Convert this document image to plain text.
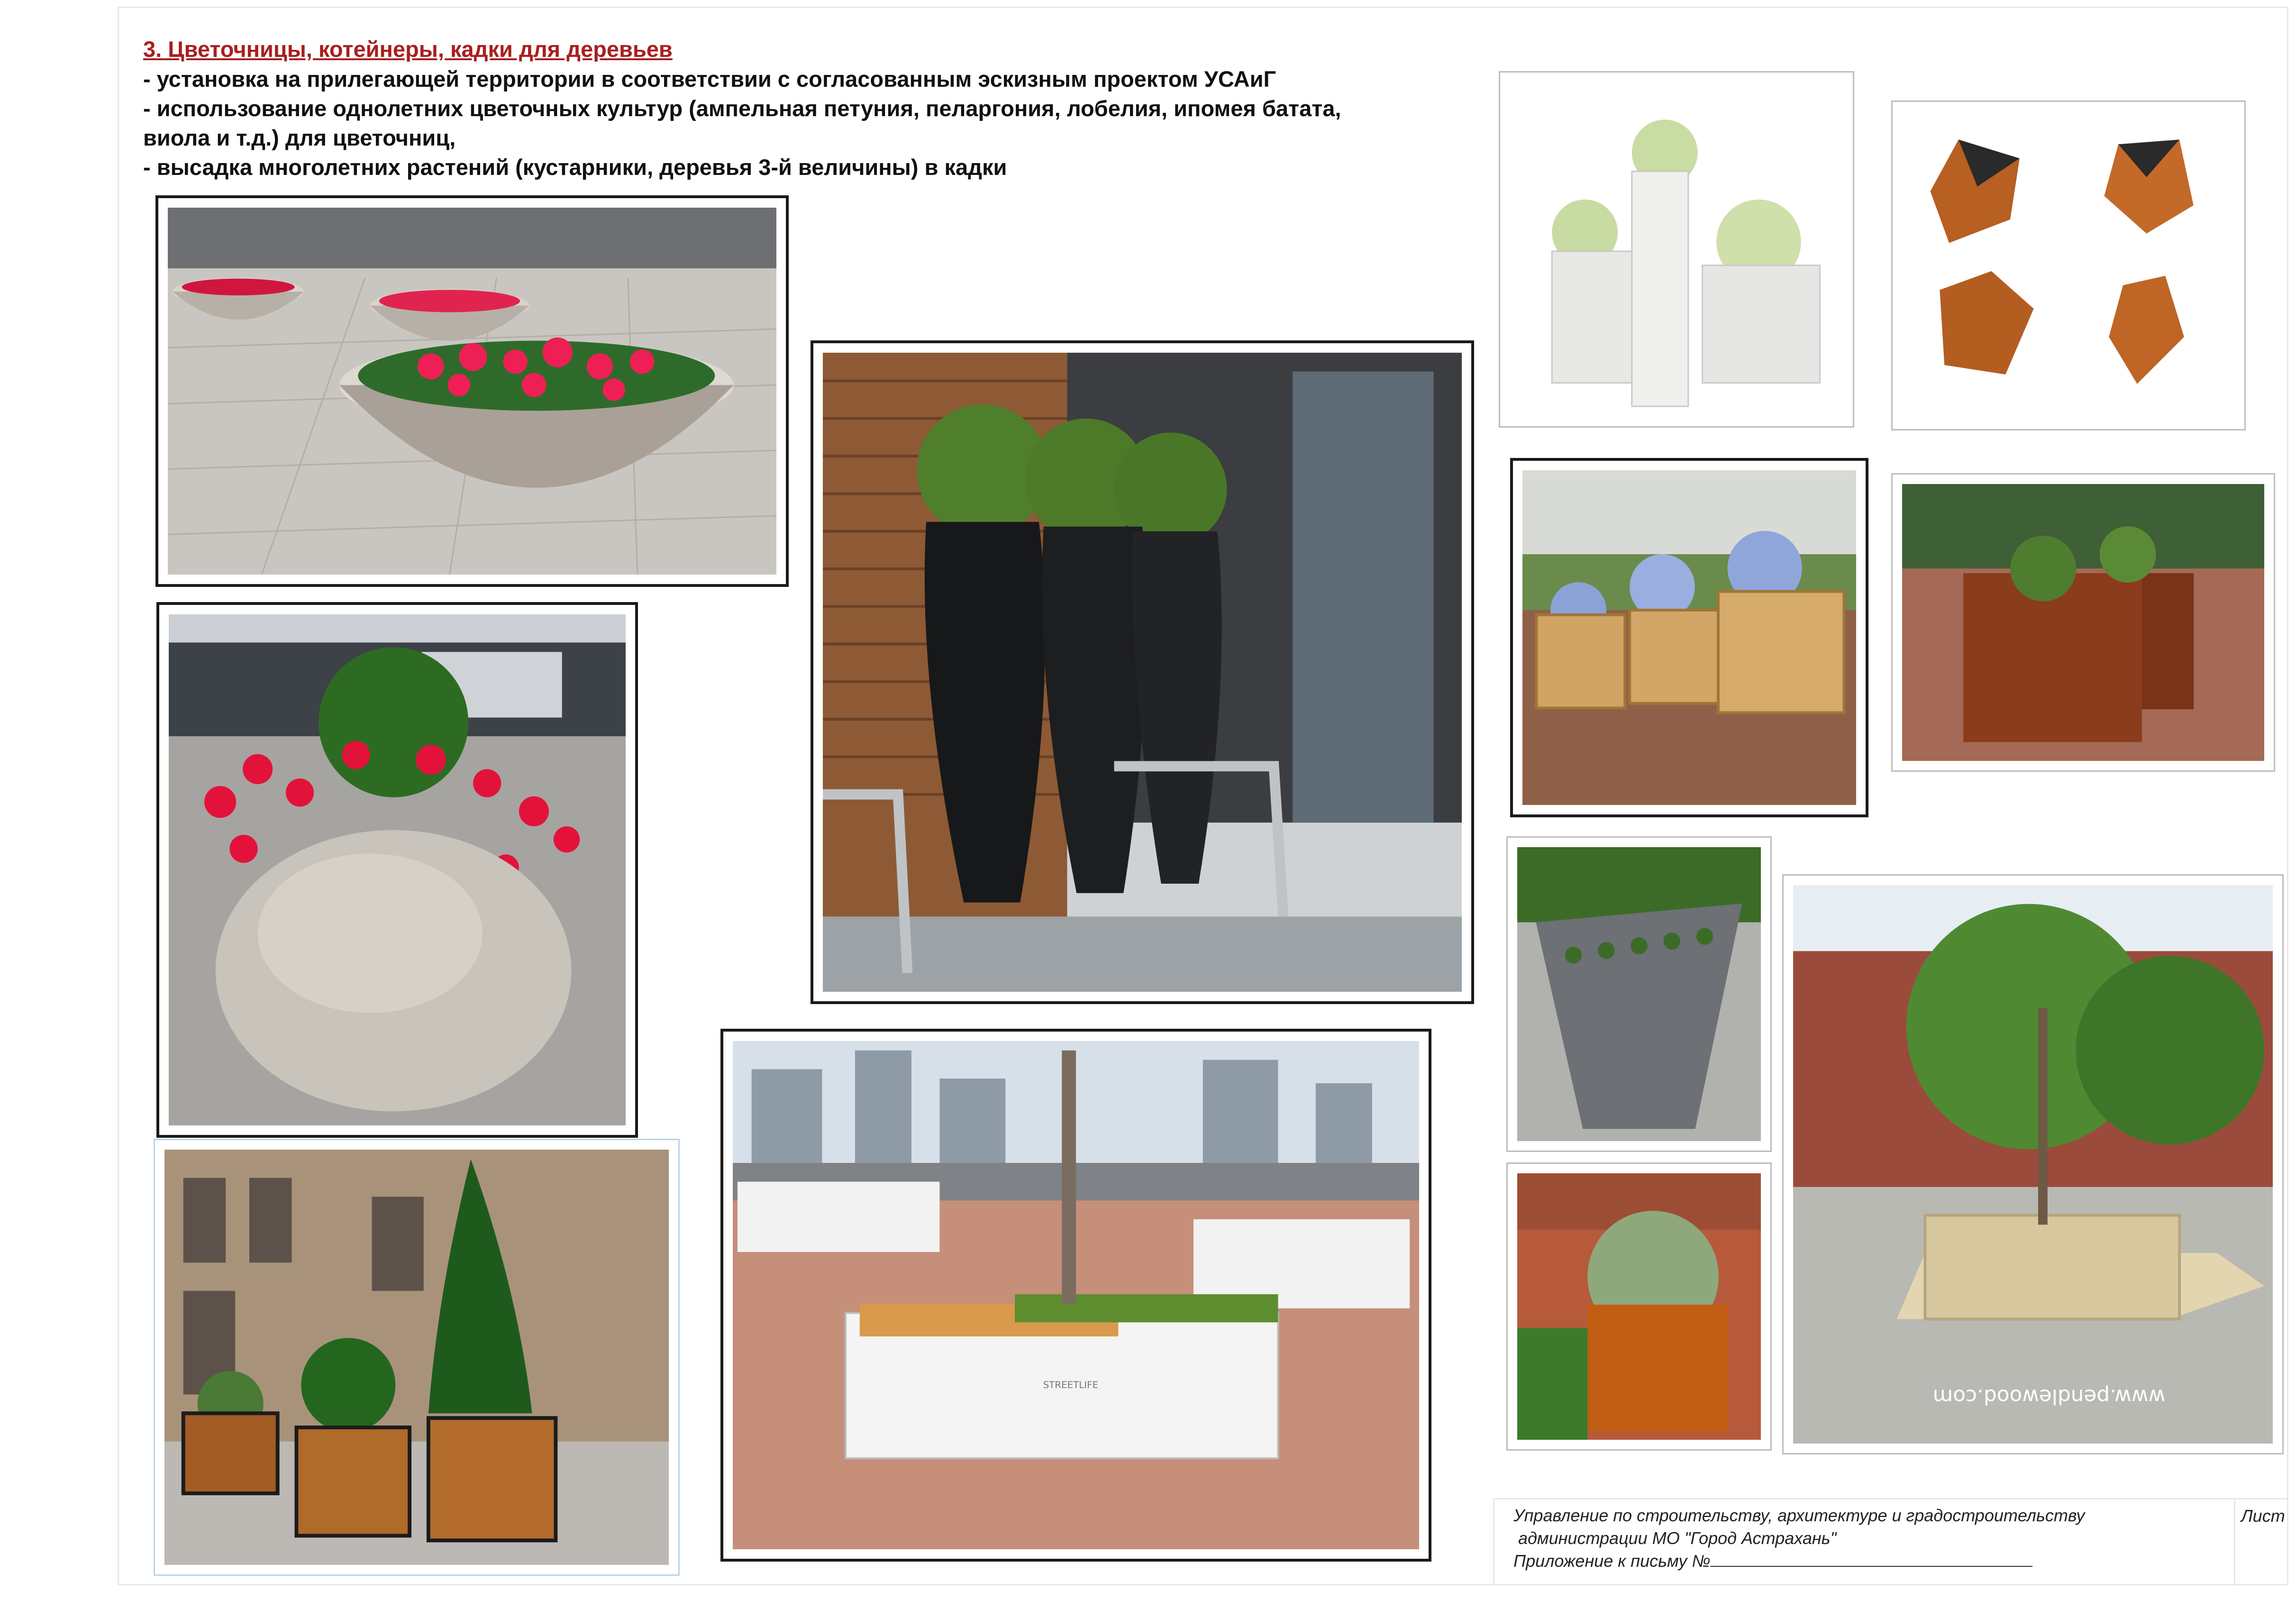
3. Цветочницы, котейнеры, кадки для деревьев
- установка на прилегающей территории в соответствии с согласованным эскизным проектом УСАиГ
- использование однолетних цветочных культур (ампельная петуния, пеларгония, лобелия, ипомея батата,
виола и т.д.) для цветочниц,
- высадка многолетних растений (кустарники, деревья 3-й величины) в кадки
STREETLIFE	www.pendlewood.com
Управление по строительству, архитектуре и градостроительству
администрации МО "Город Астрахань"
Приложение к письму №
Лист
